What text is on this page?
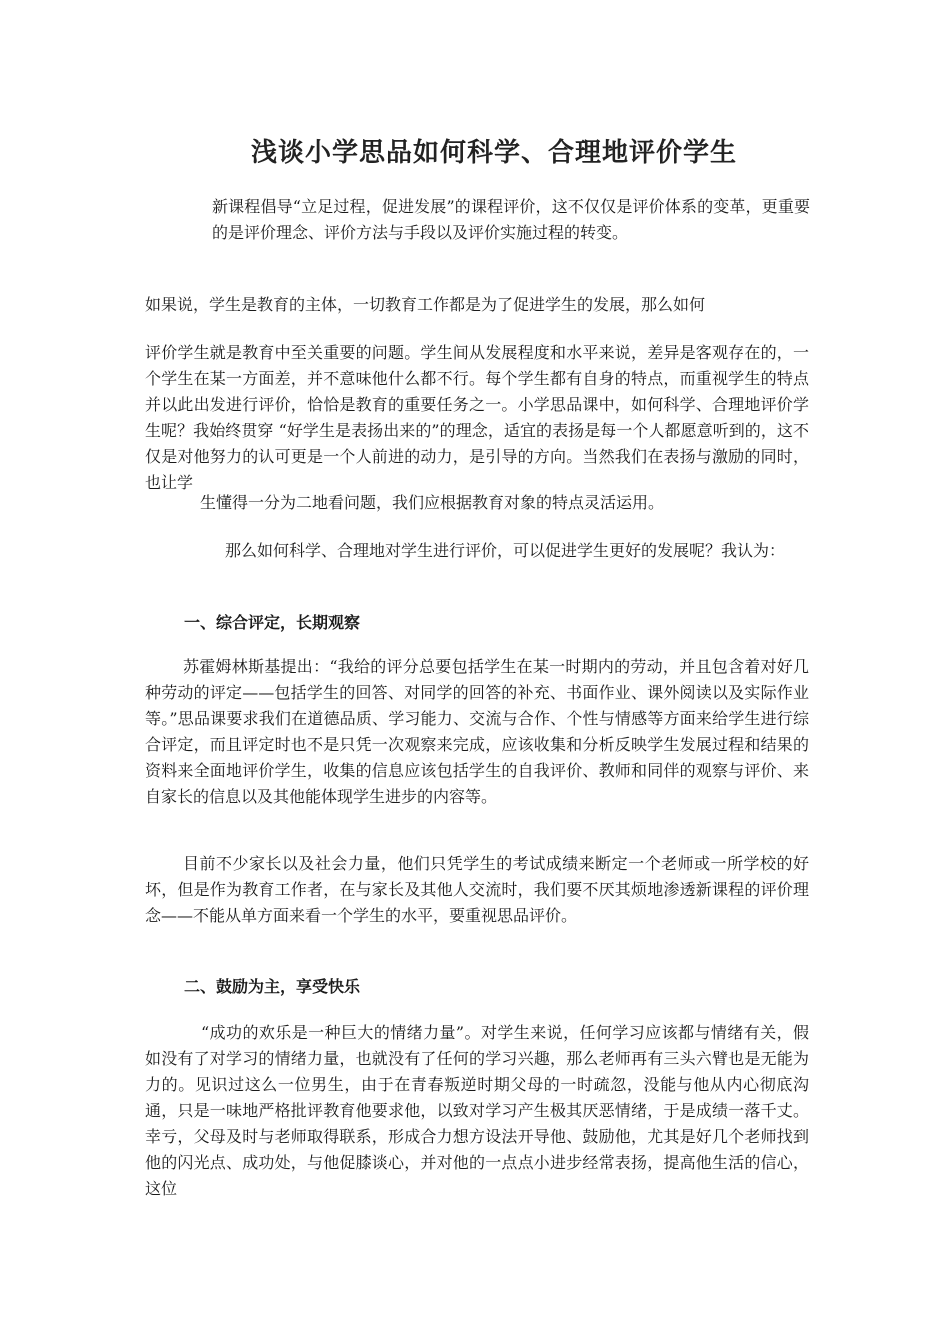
浅谈小学思品如何科学、合理地评价学生
新课程倡导“立足过程，促进发展”的课程评价，这不仅仅是评价体系的变革，更重要的是评价理念、评价方法与手段以及评价实施过程的转变。
如果说，学生是教育的主体，一切教育工作都是为了促进学生的发展，那么如何
评价学生就是教育中至关重要的问题。学生间从发展程度和水平来说，差异是客观存在的，一个学生在某一方面差，并不意味他什么都不行。每个学生都有自身的特点，而重视学生的特点并以此出发进行评价，恰恰是教育的重要任务之一。小学思品课中，如何科学、合理地评价学生呢？我始终贯穿 “好学生是表扬出来的”的理念，适宜的表扬是每一个人都愿意听到的，这不仅是对他努力的认可更是一个人前进的动力，是引导的方向。当然我们在表扬与激励的同时，也让学
生懂得一分为二地看问题，我们应根据教育对象的特点灵活运用。
那么如何科学、合理地对学生进行评价，可以促进学生更好的发展呢？我认为：
一、综合评定，长期观察
苏霍姆林斯基提出：“我给的评分总要包括学生在某一时期内的劳动，并且包含着对好几种劳动的评定——包括学生的回答、对同学的回答的补充、书面作业、课外阅读以及实际作业等。”思品课要求我们在道德品质、学习能力、交流与合作、个性与情感等方面来给学生进行综合评定，而且评定时也不是只凭一次观察来完成，应该收集和分析反映学生发展过程和结果的资料来全面地评价学生，收集的信息应该包括学生的自我评价、教师和同伴的观察与评价、来自家长的信息以及其他能体现学生进步的内容等。
目前不少家长以及社会力量，他们只凭学生的考试成绩来断定一个老师或一所学校的好坏，但是作为教育工作者，在与家长及其他人交流时，我们要不厌其烦地渗透新课程的评价理念——不能从单方面来看一个学生的水平，要重视思品评价。
二、鼓励为主，享受快乐
“成功的欢乐是一种巨大的情绪力量”。对学生来说，任何学习应该都与情绪有关，假如没有了对学习的情绪力量，也就没有了任何的学习兴趣，那么老师再有三头六臂也是无能为力的。见识过这么一位男生，由于在青春叛逆时期父母的一时疏忽，没能与他从内心彻底沟通，只是一味地严格批评教育他要求他，以致对学习产生极其厌恶情绪，于是成绩一落千丈。幸亏，父母及时与老师取得联系，形成合力想方设法开导他、鼓励他，尤其是好几个老师找到他的闪光点、成功处，与他促膝谈心，并对他的一点点小进步经常表扬，提高他生活的信心，这位
